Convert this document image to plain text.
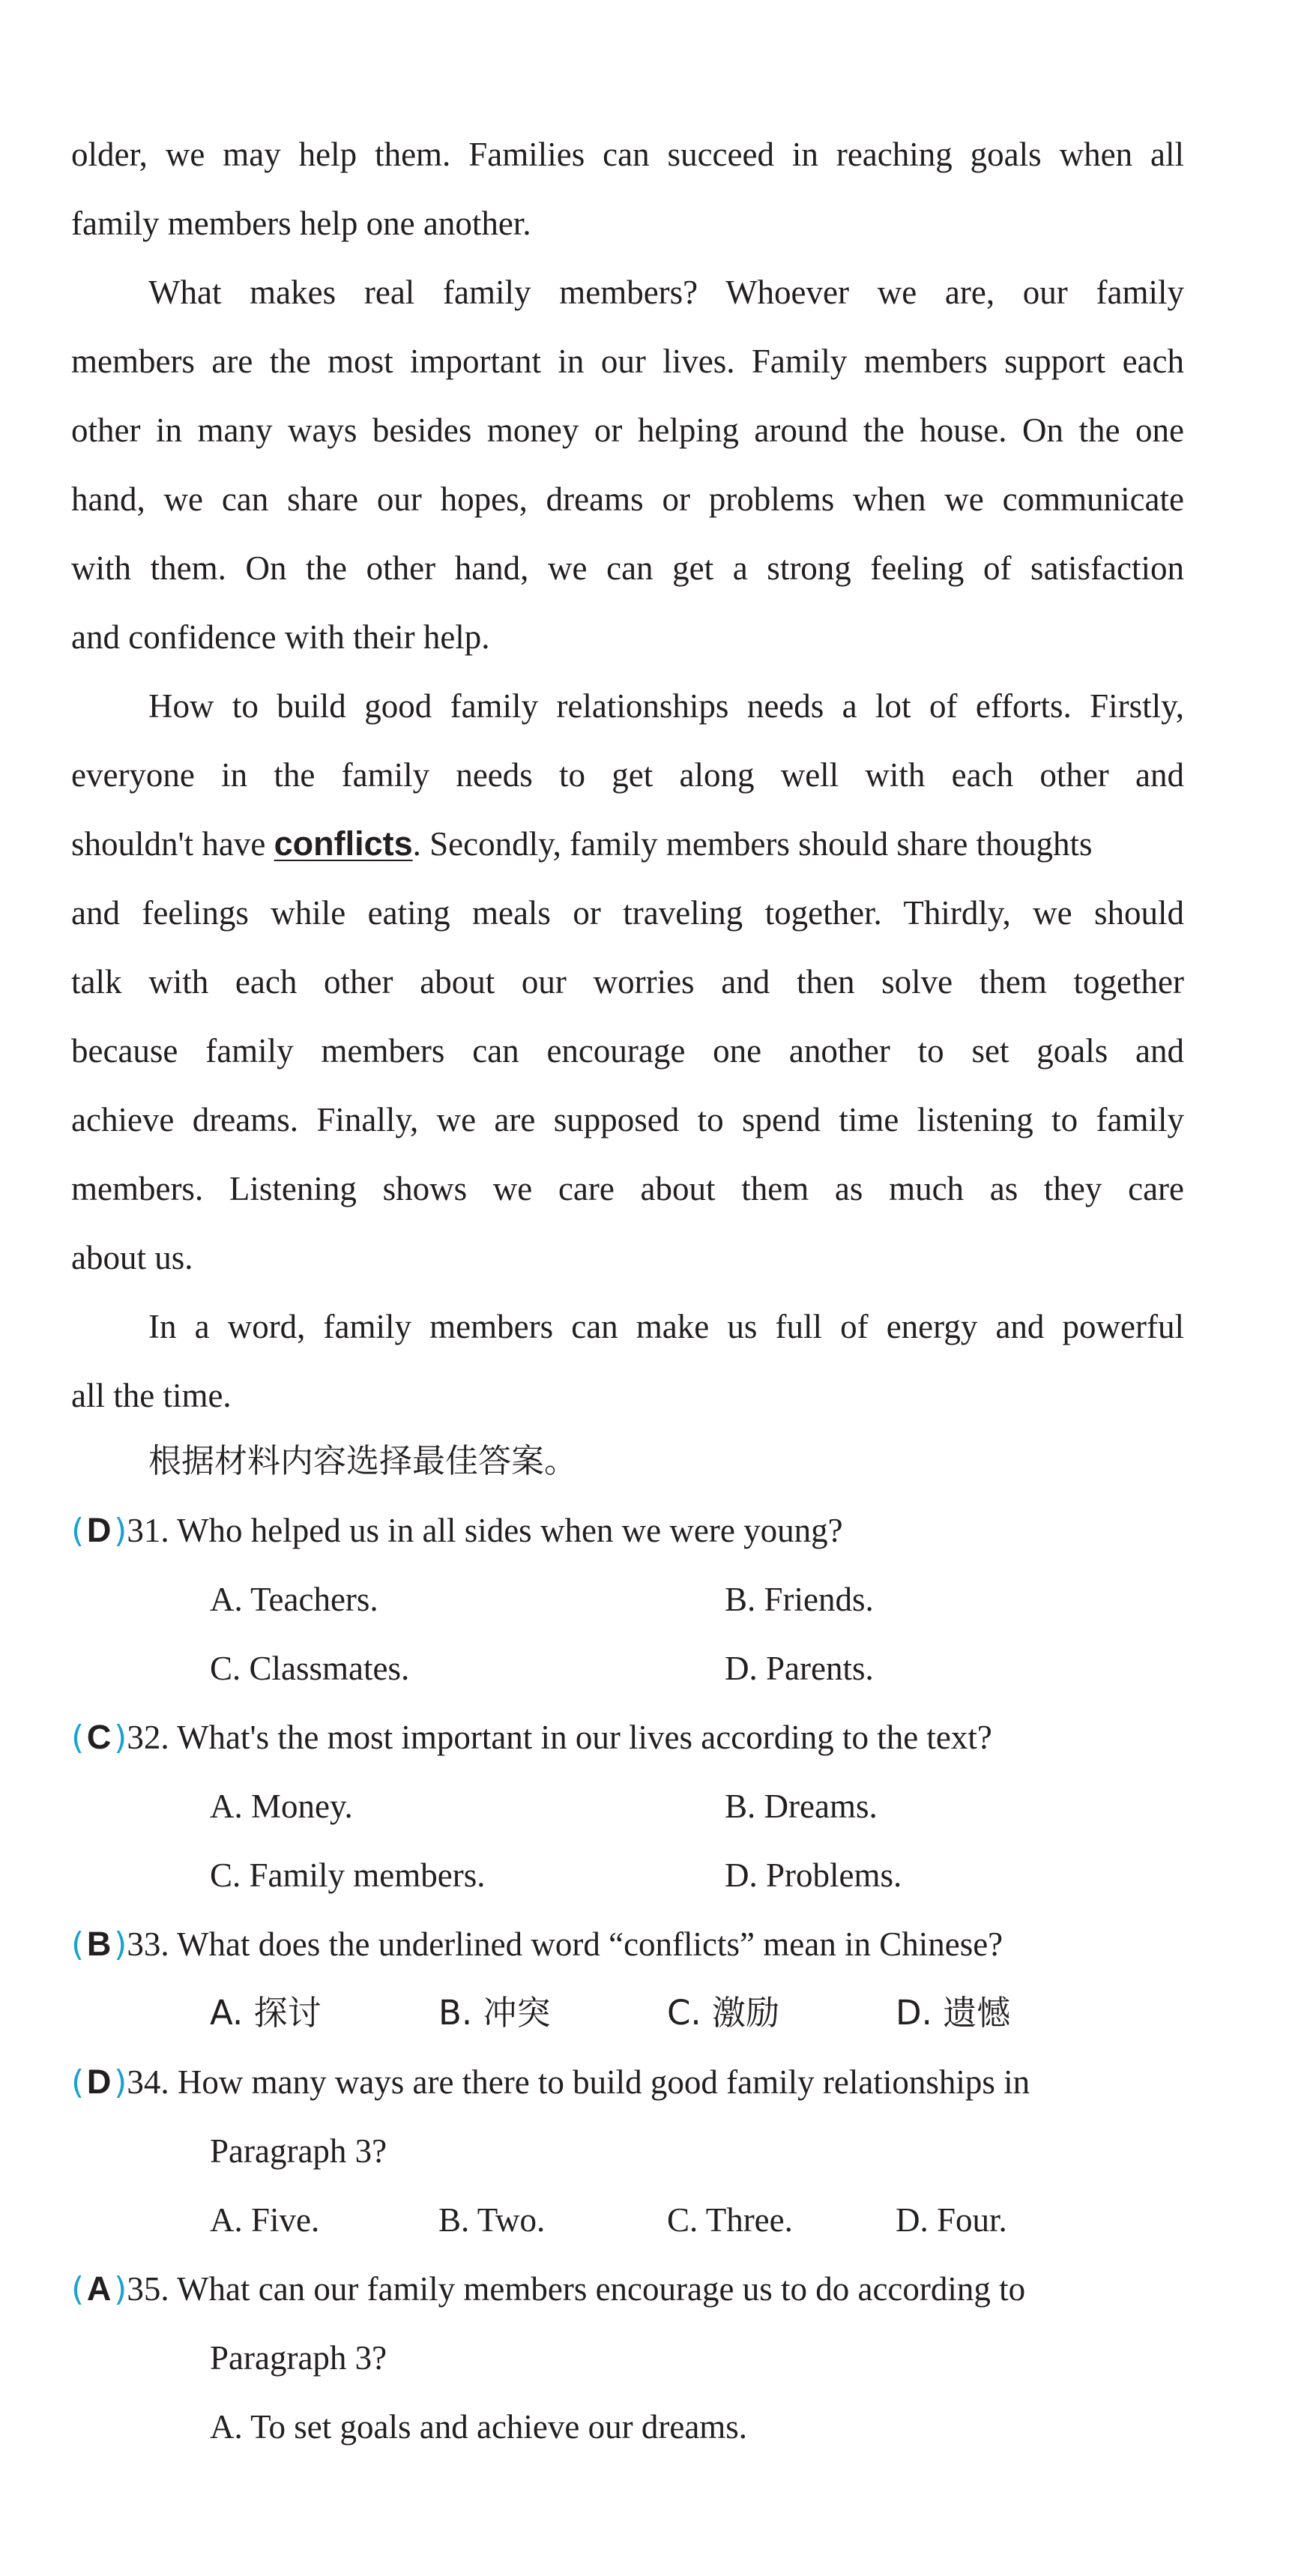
older, we may help them. Families can succeed in reaching goals when all
family members help one another.
What makes real family members? Whoever we are, our family
members are the most important in our lives. Family members support each
other in many ways besides money or helping around the house. On the one
hand, we can share our hopes, dreams or problems when we communicate
with them. On the other hand, we can get a strong feeling of satisfaction
and confidence with their help.
How to build good family relationships needs a lot of efforts. Firstly,
everyone in the family needs to get along well with each other and
shouldn't have conflicts. Secondly, family members should share thoughts
and feelings while eating meals or traveling together. Thirdly, we should
talk with each other about our worries and then solve them together
because family members can encourage one another to set goals and
achieve dreams. Finally, we are supposed to spend time listening to family
members. Listening shows we care about them as much as they care
about us.
In a word, family members can make us full of energy and powerful
all the time.
根据材料内容选择最佳答案。
(D)31. Who helped us in all sides when we were young?
A. Teachers.	B. Friends.
C. Classmates.	D. Parents.
(C)32. What's the most important in our lives according to the text?
A. Money.	B. Dreams.
C. Family members.	D. Problems.
(B)33. What does the underlined word “conflicts” mean in Chinese?
A. 探讨	B. 冲突	C. 激励	D. 遗憾
(D)34. How many ways are there to build good family relationships in
Paragraph 3?
A. Five.	B. Two.	C. Three.	D. Four.
(A)35. What can our family members encourage us to do according to
Paragraph 3?
A. To set goals and achieve our dreams.
